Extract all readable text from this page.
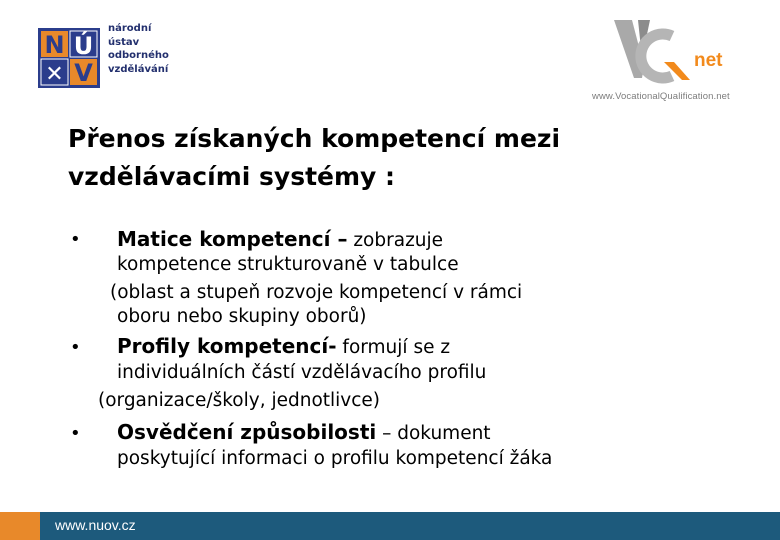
N Ú
✕ V
národní
ústav
odborného
vzdělávání	net
www.VocationalQualification.net
Přenos získaných kompetencí mezi
vzdělávacími systémy :
• Matice kompetencí – zobrazuje
kompetence strukturovaně v tabulce
(oblast a stupeň rozvoje kompetencí v rámci
oboru nebo skupiny oborů)
• Profily kompetencí- formují se z
individuálních částí vzdělávacího profilu
(organizace/školy, jednotlivce)
• Osvědčení způsobilosti – dokument
poskytující informaci o profilu kompetencí žáka
www.nuov.cz
